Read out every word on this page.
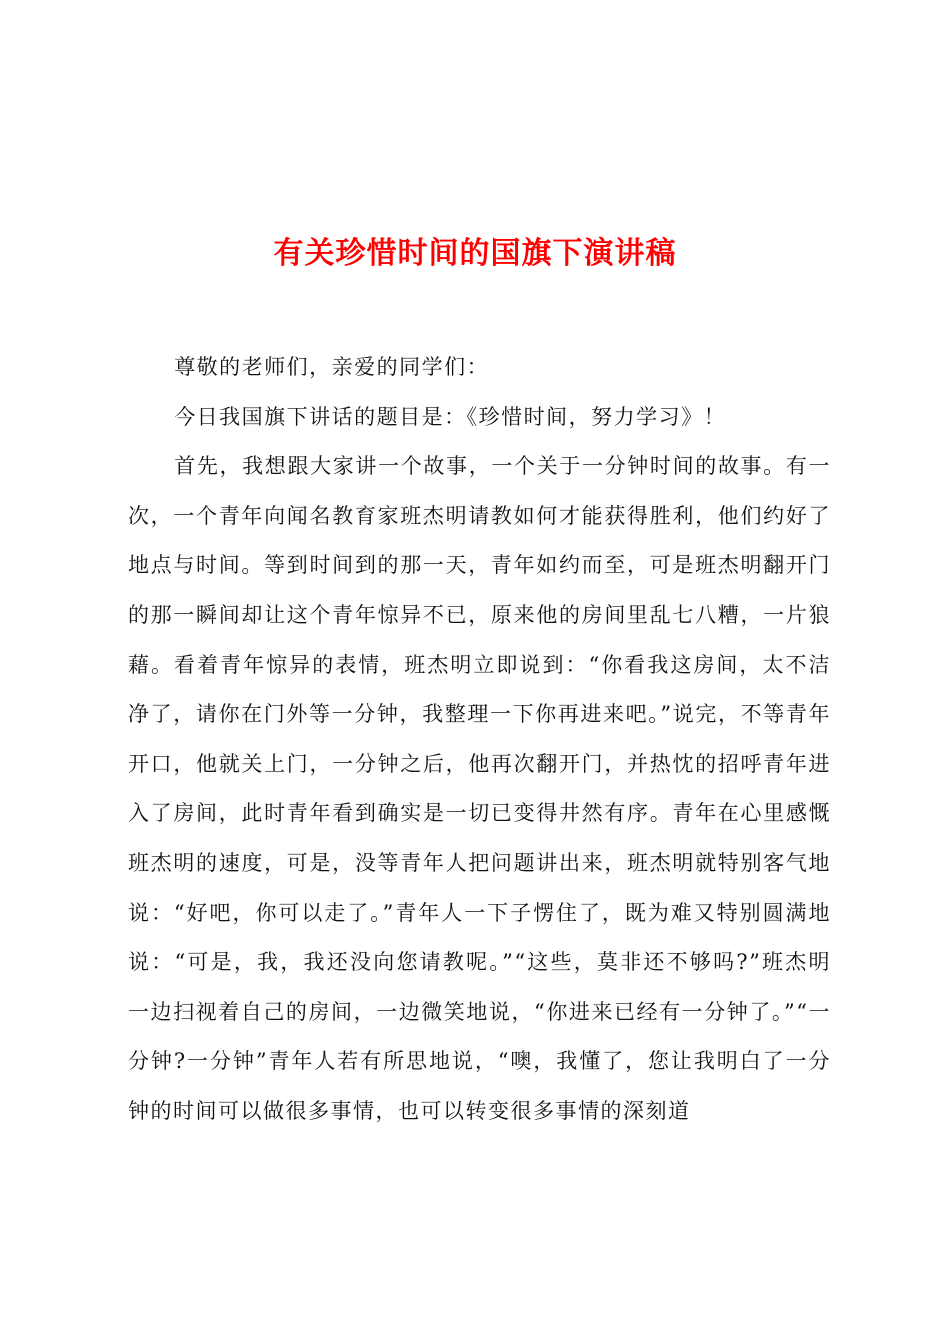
有关珍惜时间的国旗下演讲稿

尊敬的老师们，亲爱的同学们：

今日我国旗下讲话的题目是：《珍惜时间，努力学习》！

首先，我想跟大家讲一个故事，一个关于一分钟时间的故事。有一次，一个青年向闻名教育家班杰明请教如何才能获得胜利，他们约好了地点与时间。等到时间到的那一天，青年如约而至，可是班杰明翻开门的那一瞬间却让这个青年惊异不已，原来他的房间里乱七八糟，一片狼藉。看着青年惊异的表情，班杰明立即说到：“你看我这房间，太不洁净了，请你在门外等一分钟，我整理一下你再进来吧。”说完，不等青年开口，他就关上门，一分钟之后，他再次翻开门，并热忱的招呼青年进入了房间，此时青年看到确实是一切已变得井然有序。青年在心里感慨班杰明的速度，可是，没等青年人把问题讲出来，班杰明就特别客气地说：“好吧，你可以走了。”青年人一下子愣住了，既为难又特别圆满地说：“可是，我，我还没向您请教呢。”“这些，莫非还不够吗?”班杰明一边扫视着自己的房间，一边微笑地说，“你进来已经有一分钟了。”“一分钟?一分钟”青年人若有所思地说，“噢，我懂了，您让我明白了一分钟的时间可以做很多事情，也可以转变很多事情的深刻道
